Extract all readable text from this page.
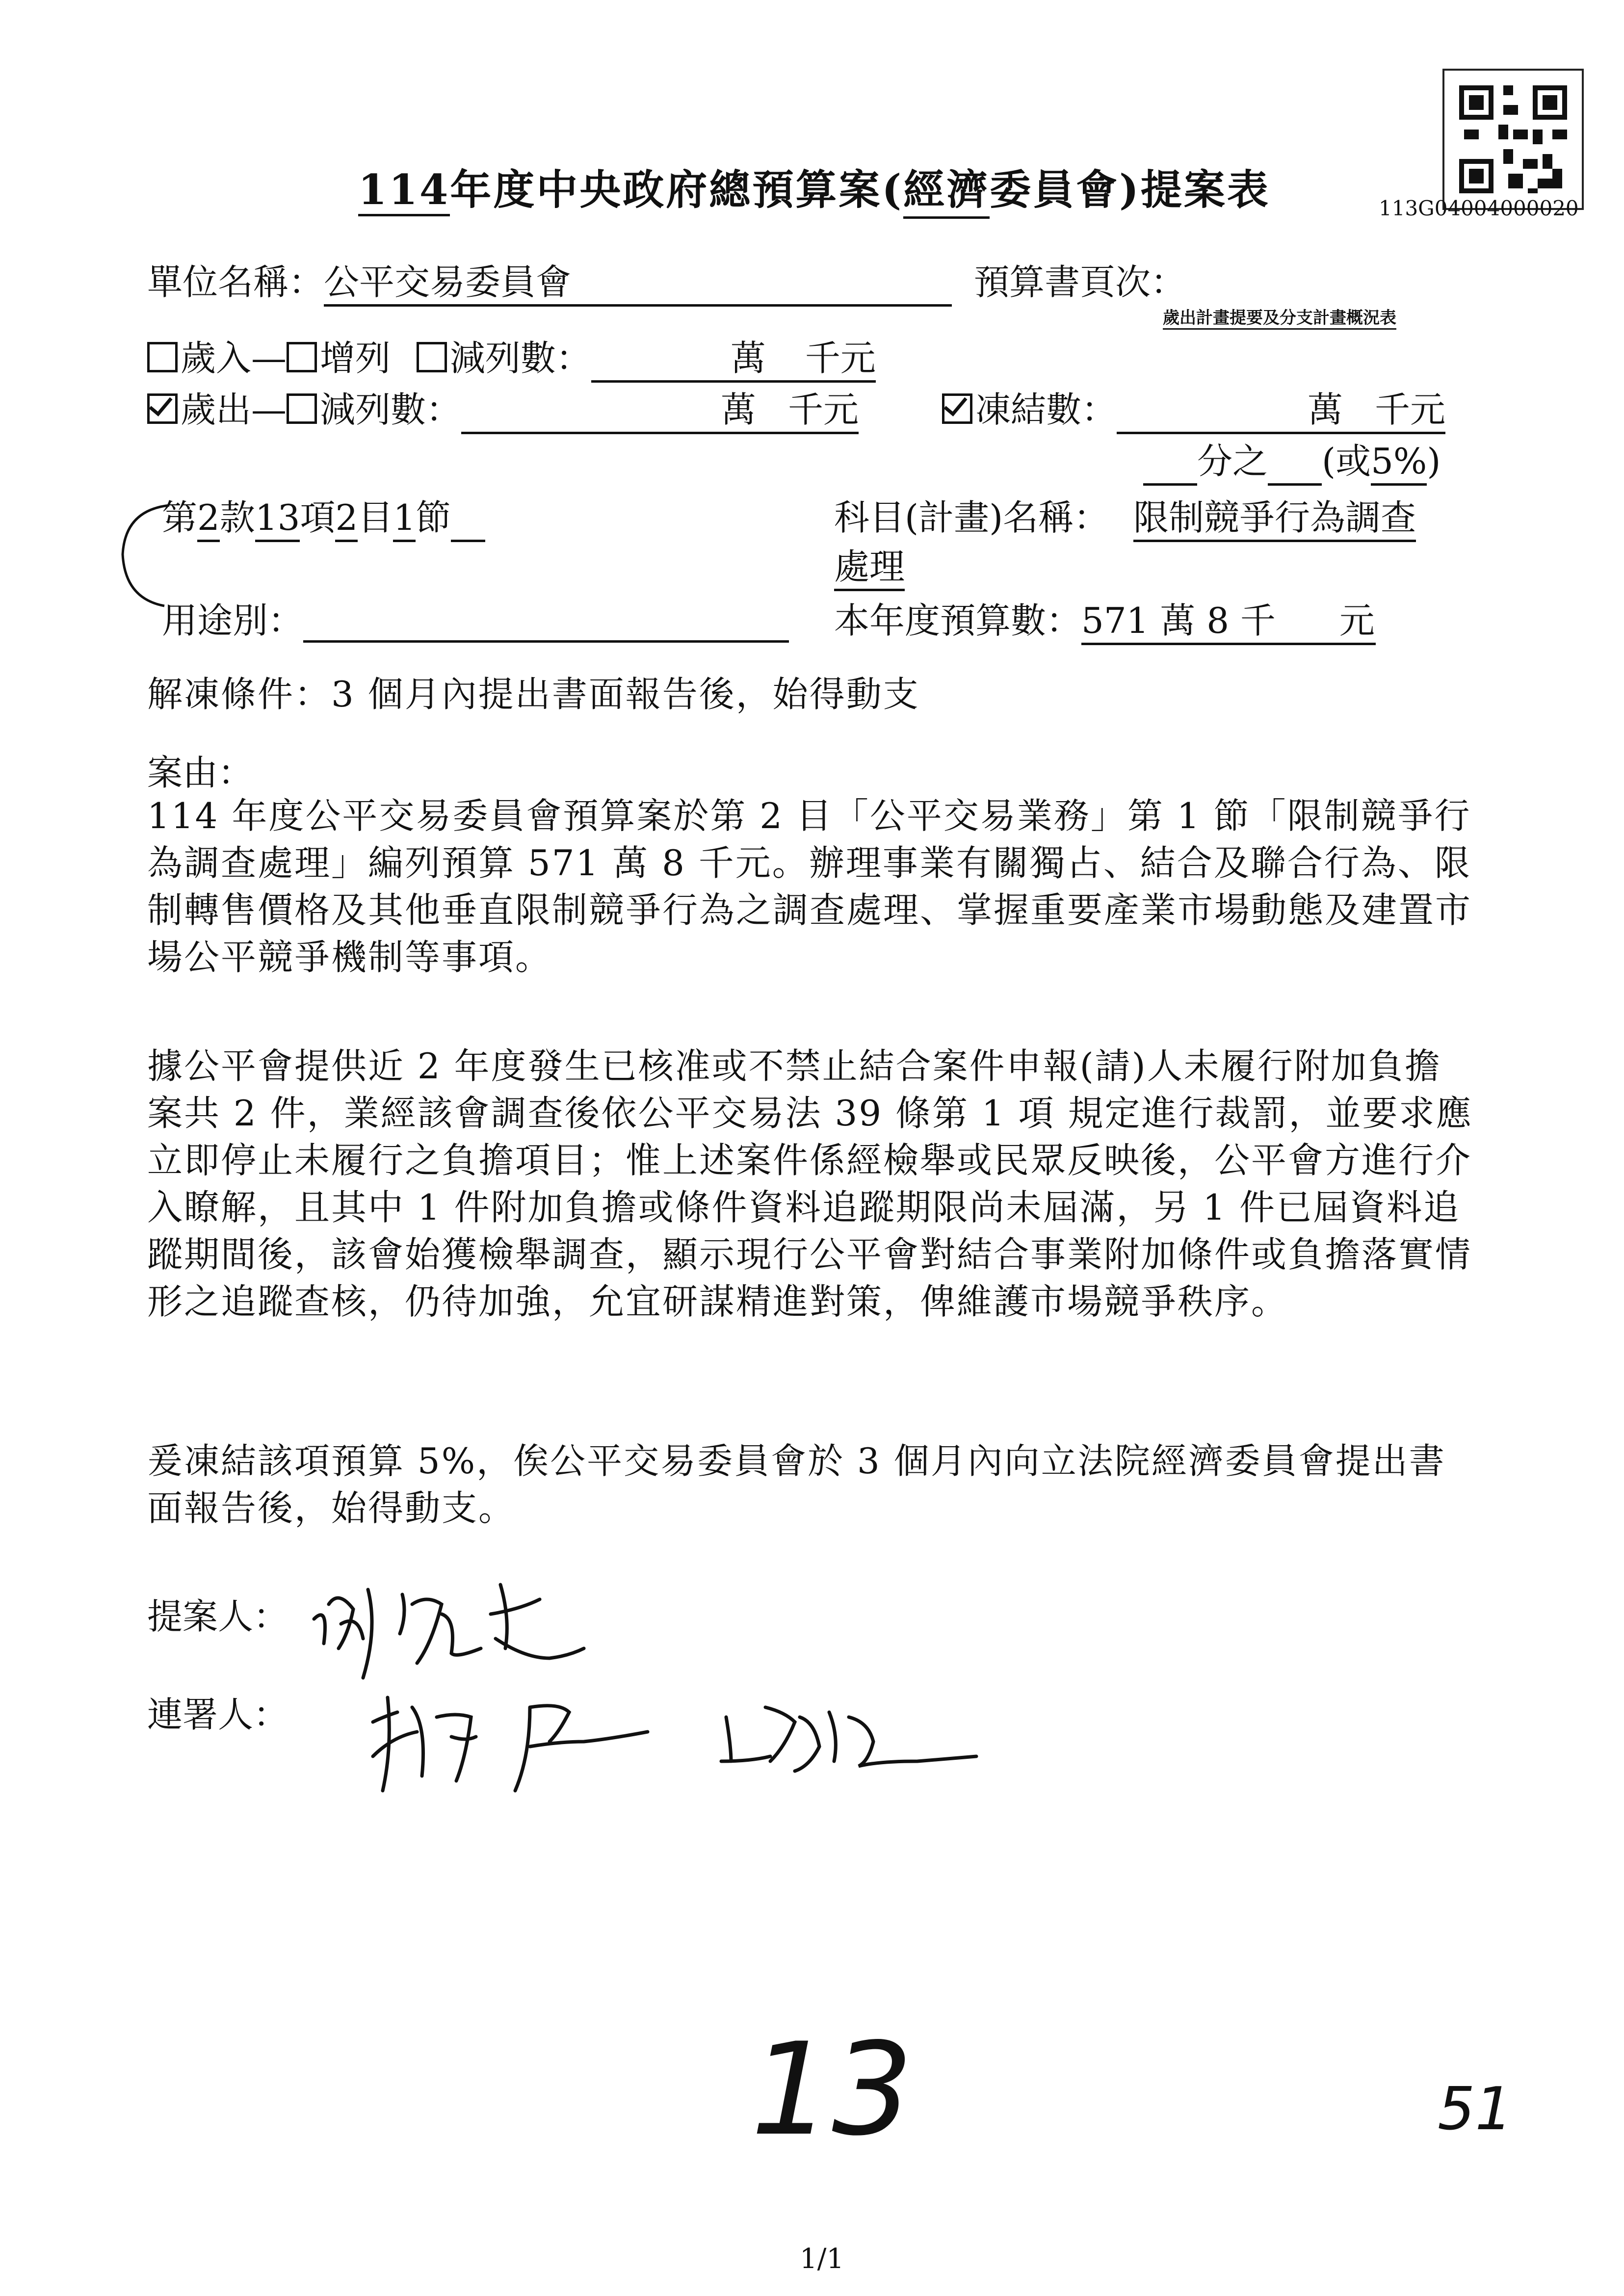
113G04004000020
114年度中央政府總預算案(經濟委員會)提案表
單位名稱：公平交易委員會	預算書頁次：
歲出計畫提要及分支計畫概況表
歲入— 增列 減列數：	萬 千元
歲出— 減列數：	萬 千元	凍結數：	萬 千元
分之 (或5%)
第2款13項2目1節	科目(計畫)名稱： 限制競爭行為調查
處理
用途別：	本年度預算數：571 萬 8 千 元
解凍條件：3 個月內提出書面報告後，始得動支
案由：
114 年度公平交易委員會預算案於第 2 目「公平交易業務」第 1 節「限制競爭行為調查處理」編列預算 571 萬 8 千元。辦理事業有關獨占、結合及聯合行為、限制轉售價格及其他垂直限制競爭行為之調查處理、掌握重要產業市場動態及建置市場公平競爭機制等事項。
據公平會提供近 2 年度發生已核准或不禁止結合案件申報(請)人未履行附加負擔案共 2 件，業經該會調查後依公平交易法 39 條第 1 項 規定進行裁罰，並要求應立即停止未履行之負擔項目；惟上述案件係經檢舉或民眾反映後，公平會方進行介入瞭解，且其中 1 件附加負擔或條件資料追蹤期限尚未屆滿，另 1 件已屆資料追蹤期間後，該會始獲檢舉調查，顯示現行公平會對結合事業附加條件或負擔落實情形之追蹤查核，仍待加強，允宜研謀精進對策，俾維護市場競爭秩序。
爰凍結該項預算 5%，俟公平交易委員會於 3 個月內向立法院經濟委員會提出書面報告後，始得動支。
提案人：
連署人：
13	51
1/1
